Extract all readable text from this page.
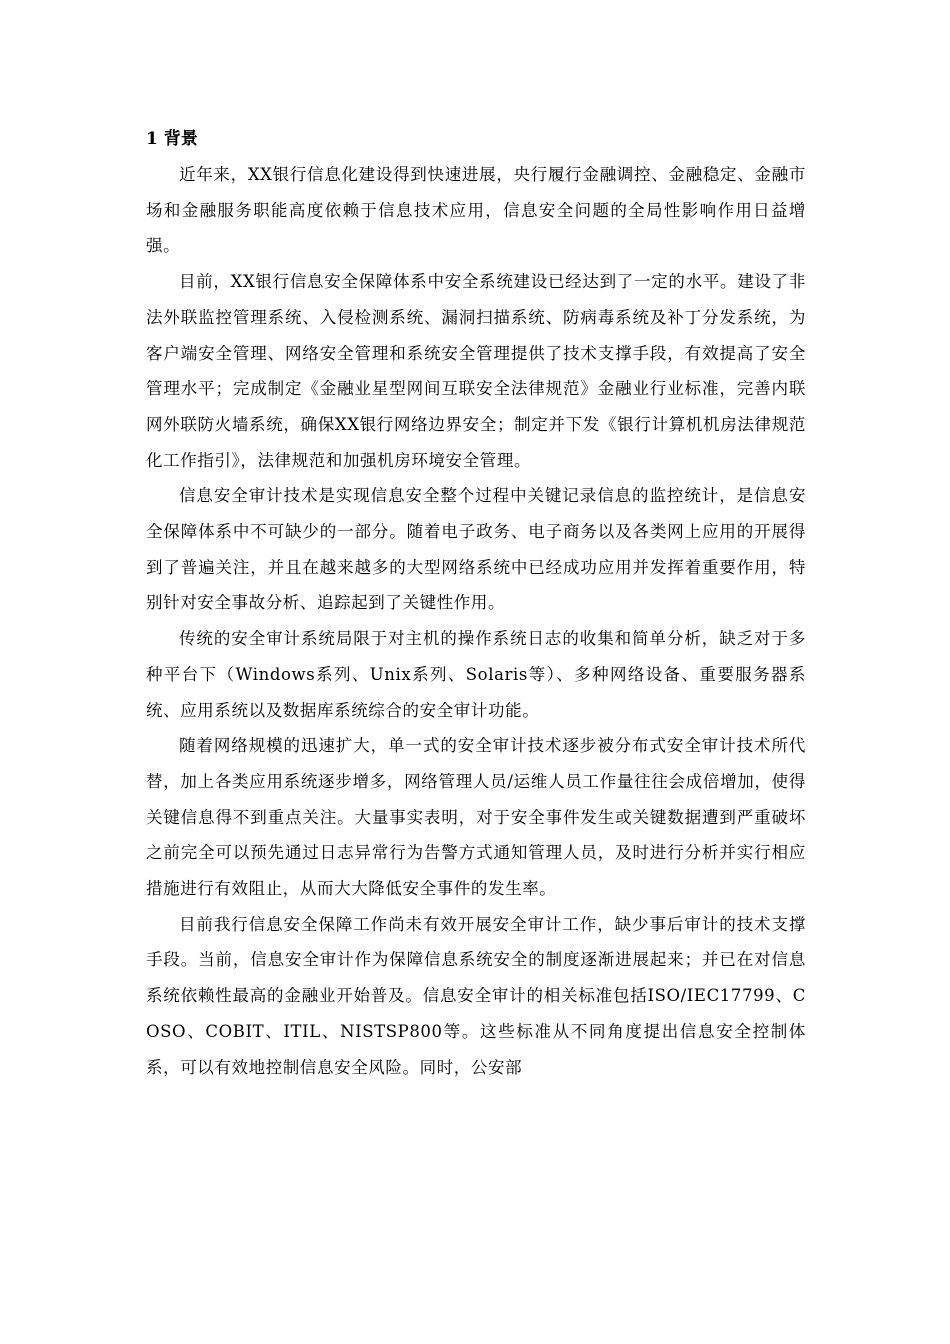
1 背景

近年来，XX银行信息化建设得到快速进展，央行履行金融调控、金融稳定、金融市场和金融服务职能高度依赖于信息技术应用，信息安全问题的全局性影响作用日益增强。

目前，XX银行信息安全保障体系中安全系统建设已经达到了一定的水平。建设了非法外联监控管理系统、入侵检测系统、漏洞扫描系统、防病毒系统及补丁分发系统，为客户端安全管理、网络安全管理和系统安全管理提供了技术支撑手段，有效提高了安全管理水平；完成制定《金融业星型网间互联安全法律规范》金融业行业标准，完善内联网外联防火墙系统，确保XX银行网络边界安全；制定并下发《银行计算机机房法律规范化工作指引》，法律规范和加强机房环境安全管理。

信息安全审计技术是实现信息安全整个过程中关键记录信息的监控统计，是信息安全保障体系中不可缺少的一部分。随着电子政务、电子商务以及各类网上应用的开展得到了普遍关注，并且在越来越多的大型网络系统中已经成功应用并发挥着重要作用，特别针对安全事故分析、追踪起到了关键性作用。

传统的安全审计系统局限于对主机的操作系统日志的收集和简单分析，缺乏对于多种平台下（Windows系列、Unix系列、Solaris等）、多种网络设备、重要服务器系统、应用系统以及数据库系统综合的安全审计功能。

随着网络规模的迅速扩大，单一式的安全审计技术逐步被分布式安全审计技术所代替，加上各类应用系统逐步增多，网络管理人员/运维人员工作量往往会成倍增加，使得关键信息得不到重点关注。大量事实表明，对于安全事件发生或关键数据遭到严重破坏之前完全可以预先通过日志异常行为告警方式通知管理人员，及时进行分析并实行相应措施进行有效阻止，从而大大降低安全事件的发生率。

目前我行信息安全保障工作尚未有效开展安全审计工作，缺少事后审计的技术支撑手段。当前，信息安全审计作为保障信息系统安全的制度逐渐进展起来；并已在对信息系统依赖性最高的金融业开始普及。信息安全审计的相关标准包括ISO/IEC17799、COSO、COBIT、ITIL、NISTSP800等。这些标准从不同角度提出信息安全控制体系，可以有效地控制信息安全风险。同时，公安部
